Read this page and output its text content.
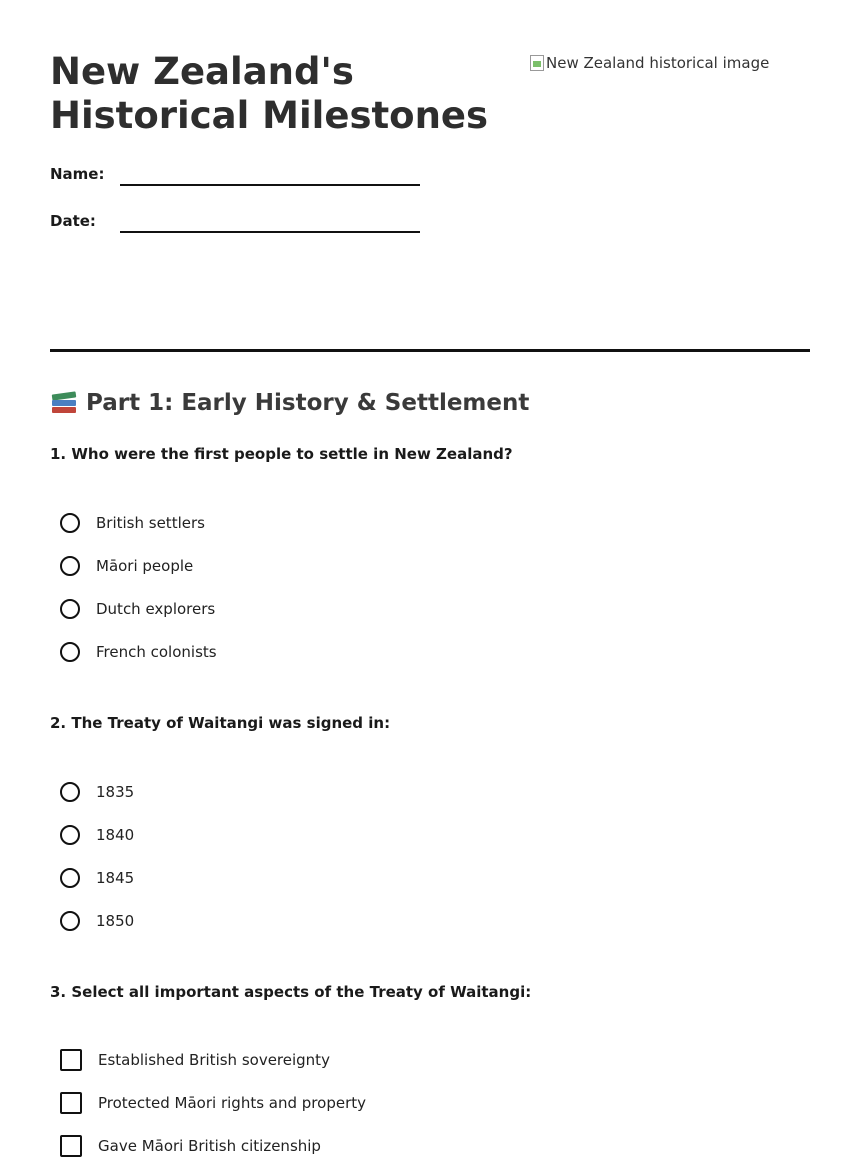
New Zealand's Historical Milestones
New Zealand historical image
Name:
Date:
Part 1: Early History & Settlement

1. Who were the first people to settle in New Zealand?

British settlers
Māori people
Dutch explorers
French colonists

2. The Treaty of Waitangi was signed in:

1835
1840
1845
1850

3. Select all important aspects of the Treaty of Waitangi:

Established British sovereignty
Protected Māori rights and property
Gave Māori British citizenship
